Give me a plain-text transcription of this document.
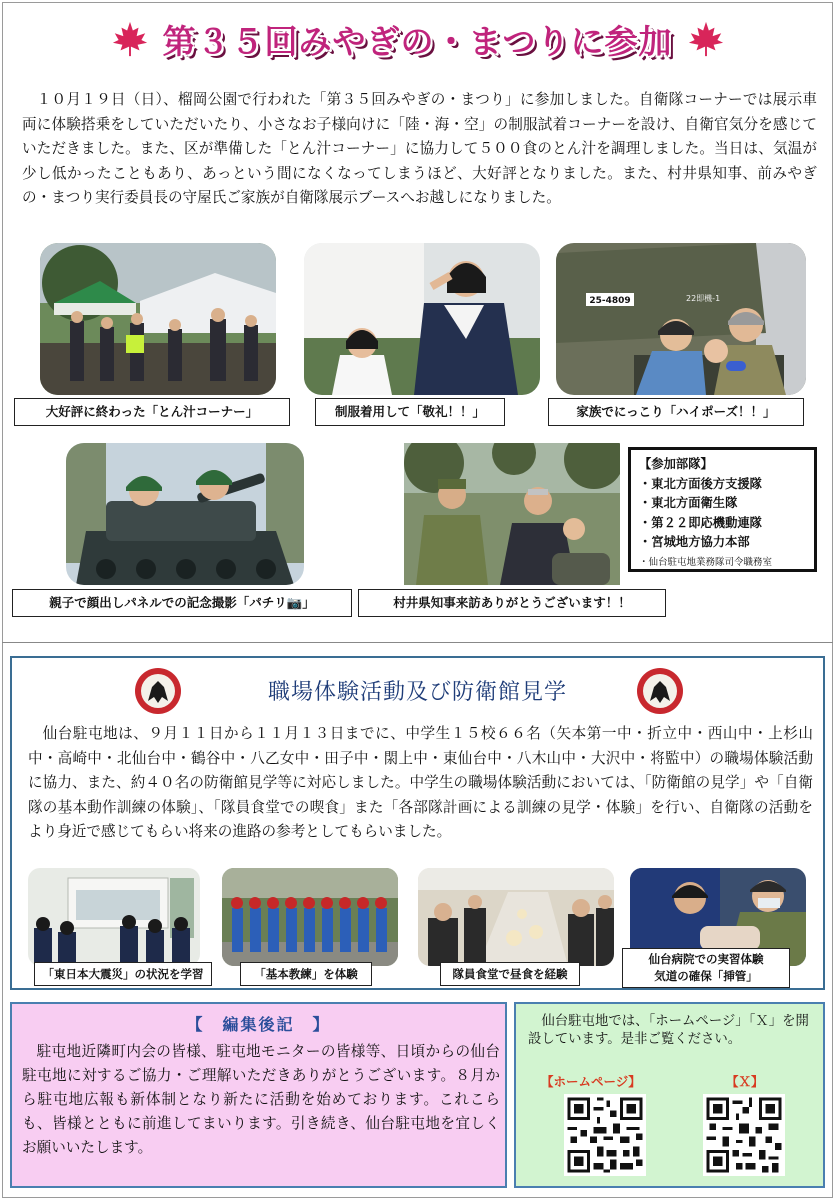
第３５回みやぎの・まつりに参加
１０月１９日（日）、榴岡公園で行われた「第３５回みやぎの・まつり」に参加しました。自衛隊コーナーでは展示車両に体験搭乗をしていただいたり、小さなお子様向けに「陸・海・空」の制服試着コーナーを設け、自衛官気分を感じていただきました。また、区が準備した「とん汁コーナー」に協力して５００食のとん汁を調理しました。当日は、気温が少し低かったこともあり、あっという間になくなってしまうほど、大好評となりました。また、村井県知事、前みやぎの・まつり実行委員長の守屋氏ご家族が自衛隊展示ブースへお越しになりました。
大好評に終わった「とん汁コーナー」	制服着用して「敬礼！！」
25-4809	22即機-1
家族でにっこり「ハイポーズ！！」
親子で顔出しパネルでの記念撮影「パチリ📷」	村井県知事来訪ありがとうございます！！
【参加部隊】
・東北方面後方支援隊
・東北方面衛生隊
・第２２即応機動連隊
・宮城地方協力本部
・仙台駐屯地業務隊司令職務室
職場体験活動及び防衛館見学
仙台駐屯地は、９月１１日から１１月１３日までに、中学生１５校６６名（矢本第一中・折立中・西山中・上杉山中・高崎中・北仙台中・鶴谷中・八乙女中・田子中・閖上中・東仙台中・八木山中・大沢中・将監中）の職場体験活動に協力、また、約４０名の防衛館見学等に対応しました。中学生の職場体験活動においては、「防衛館の見学」や「自衛隊の基本動作訓練の体験」、「隊員食堂での喫食」また「各部隊計画による訓練の見学・体験」を行い、自衛隊の活動をより身近で感じてもらい将来の進路の参考としてもらいました。
「東日本大震災」の状況を学習	「基本教練」を体験	隊員食堂で昼食を経験
仙台病院での実習体験
気道の確保「挿管」
【　編集後記　】
駐屯地近隣町内会の皆様、駐屯地モニターの皆様等、日頃からの仙台駐屯地に対するご協力・ご理解いただきありがとうございます。８月から駐屯地広報も新体制となり新たに活動を始めております。これこらも、皆様とともに前進してまいります。引き続き、仙台駐屯地を宜しくお願いいたします。
仙台駐屯地では、「ホームページ」「Ｘ」を開設しています。是非ご覧ください。
【ホームページ】	【Ｘ】
